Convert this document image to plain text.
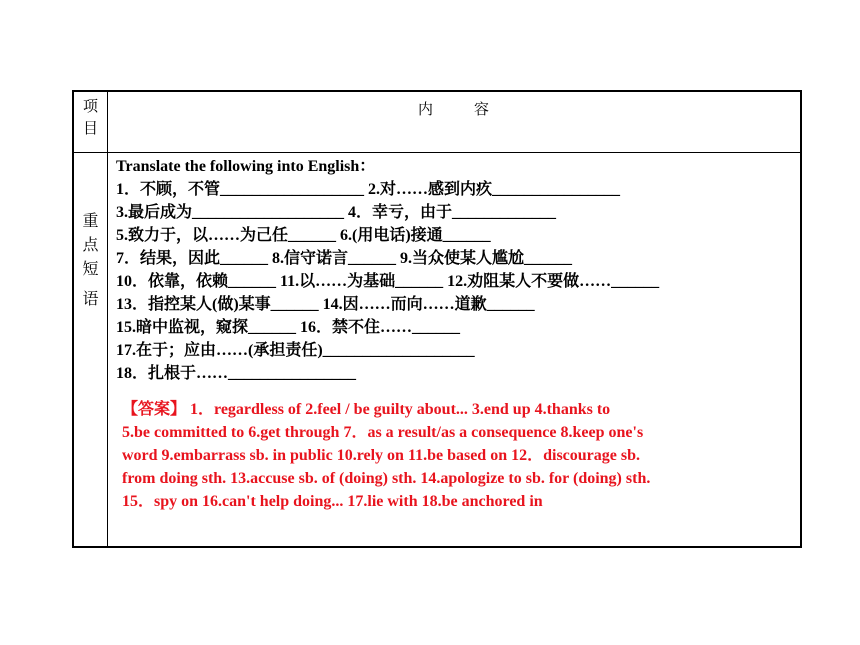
项
目
内	容
重
点
短
语
Translate the following into English：
1．不顾，不管__________________ 2.对……感到内疚________________
3.最后成为___________________ 4．幸亏，由于_____________
5.致力于，以……为己任______ 6.(用电话)接通______
7．结果，因此______ 8.信守诺言______ 9.当众使某人尴尬______
10．依靠，依赖______ 11.以……为基础______ 12.劝阻某人不要做……______
13．指控某人(做)某事______ 14.因……而向……道歉______
15.暗中监视，窥探______ 16．禁不住……______
17.在于；应由……(承担责任)___________________
18．扎根于……________________
【答案】 1．regardless of 2.feel / be guilty about... 3.end up 4.thanks to
5.be committed to 6.get through 7．as a result/as a consequence 8.keep one's
word 9.embarrass sb. in public 10.rely on 11.be based on 12．discourage sb.
from doing sth. 13.accuse sb. of (doing) sth. 14.apologize to sb. for (doing) sth.
15．spy on 16.can't help doing... 17.lie with 18.be anchored in
